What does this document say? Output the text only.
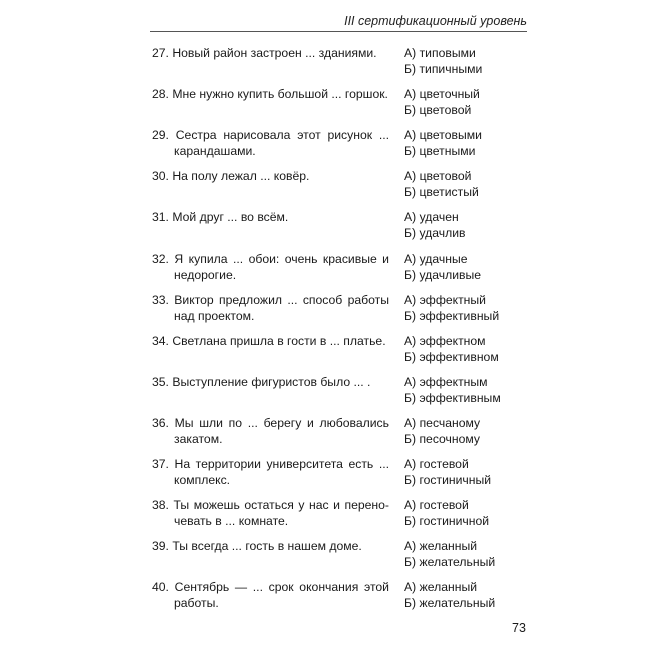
III сертификационный уровень
27. Новый район застроен ... зданиями.	А) типовыми
Б) типичными
28. Мне нужно купить большой ... горшок. А) цветочный
Б) цветовой
29. Сестра нарисовала этот рисунок ... карандашами.
А) цветовыми
Б) цветными
30. На полу лежал ... ковёр.	А) цветовой
Б) цветистый
31. Мой друг ... во всём.	А) удачен
Б) удачлив
32. Я купила ... обои: очень красивые и недорогие.
А) удачные
Б) удачливые
33. Виктор предложил ... способ работы над проектом.
А) эффектный
Б) эффективный
34. Светлана пришла в гости в ... платье. А) эффектном
Б) эффективном
35. Выступление фигуристов было ... .	А) эффектным
Б) эффективным
36. Мы шли по ... берегу и любовались закатом.
А) песчаному
Б) песочному
37. На территории университета есть ... комплекс.
А) гостевой
Б) гостиничный
38. Ты можешь остаться у нас и перено-чевать в ... комнате.
А) гостевой
Б) гостиничной
39. Ты всегда ... гость в нашем доме.	А) желанный
Б) желательный
40. Сентябрь — ... срок окончания этой работы.
А) желанный
Б) желательный
73
